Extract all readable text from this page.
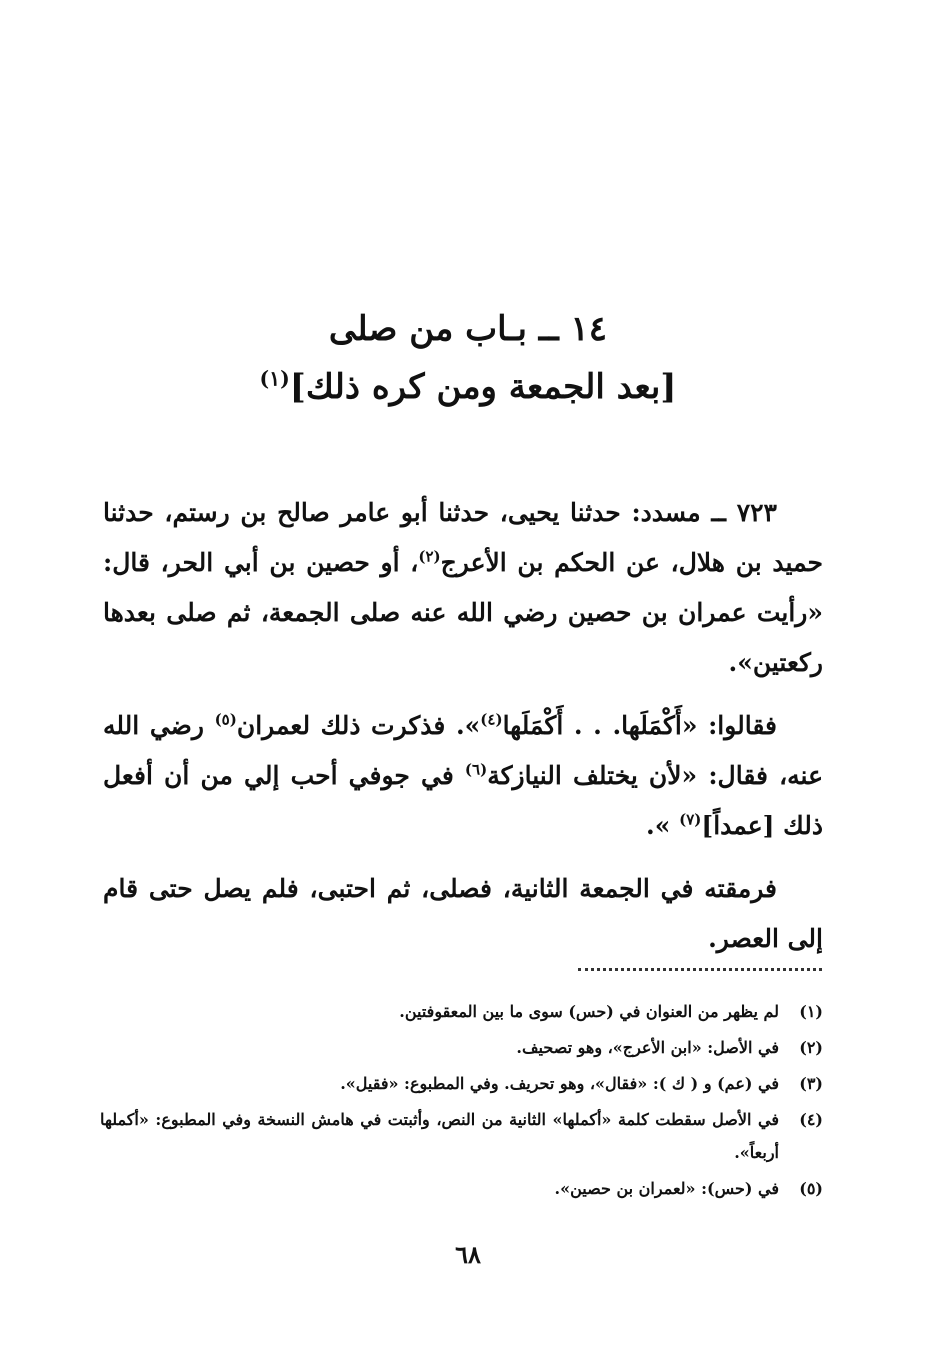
١٤ ــ بـاب من صلى
[بعد الجمعة ومن كره ذلك]$^{(١)}$

٧٢٣ ــ مسدد: حدثنا يحيى، حدثنا أبو عامر صالح بن رستم، حدثنا حميد بن هلال، عن الحكم بن الأعرج$^{(٢)}$، أو حصين بن أبي الحر، قال: «رأيت عمران بن حصين رضي الله عنه صلى الجمعة، ثم صلى بعدها ركعتين».

فقالوا: «أَكْمَلَها. . . أَكْمَلَها$^{(٤)}$». فذكرت ذلك لعمران$^{(٥)}$ رضي الله عنه، فقال: «لأن يختلف النيازكة$^{(٦)}$ في جوفي أحب إلي من أن أفعل ذلك [عمداً]$^{(٧)}$ ».

فرمقته في الجمعة الثانية، فصلى، ثم احتبى، فلم يصل حتى قام إلى العصر.

(١)
لم يظهر من العنوان في (حس) سوى ما بين المعقوفتين.
(٢)
في الأصل: «ابن الأعرج»، وهو تصحيف.
(٣)
في (عم) و ( ك ): «فقال»، وهو تحريف. وفي المطبوع: «فقيل».
(٤)
في الأصل سقطت كلمة «أكملها» الثانية من النص، وأثبتت في هامش النسخة وفي المطبوع: «أكملها أربعاً».
(٥)
في (حس): «لعمران بن حصين».
٦٨
